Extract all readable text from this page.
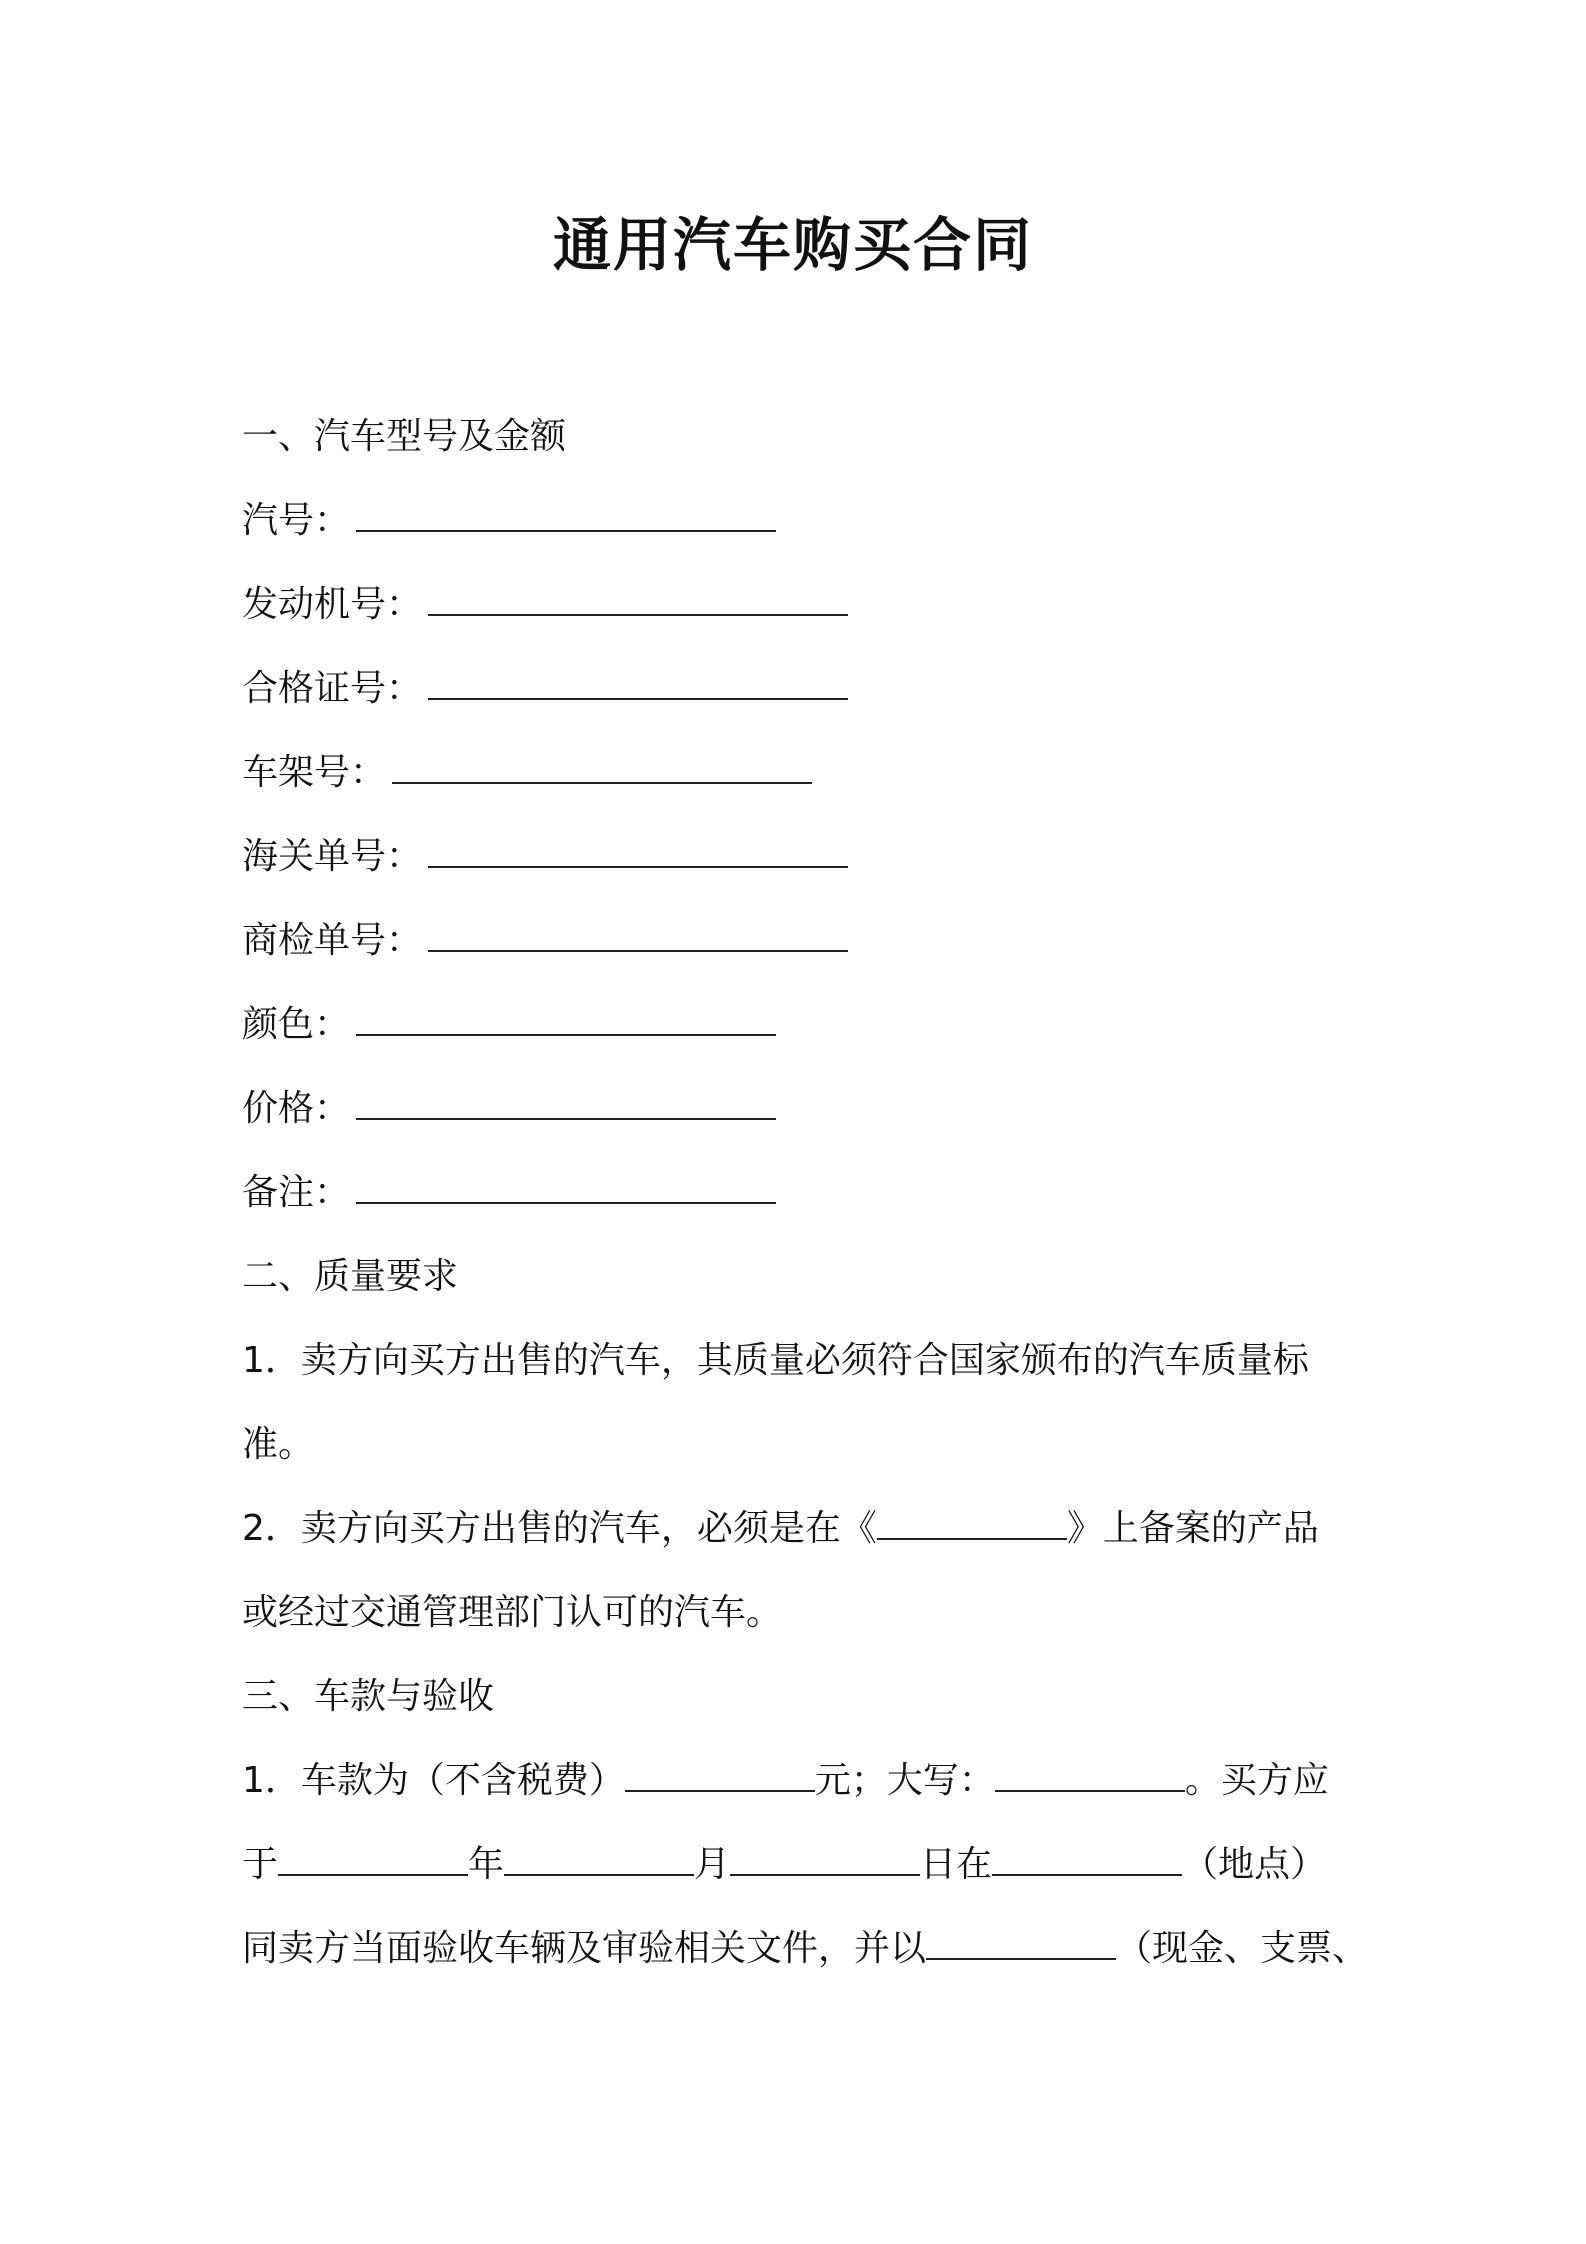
通用汽车购买合同
一、汽车型号及金额
汽号：
发动机号：
合格证号：
车架号：
海关单号：
商检单号：
颜色：
价格：
备注：
二、质量要求
1．卖方向买方出售的汽车，其质量必须符合国家颁布的汽车质量标
准。
2．卖方向买方出售的汽车，必须是在《	》上备案的产品
或经过交通管理部门认可的汽车。
三、车款与验收
1．车款为（不含税费）	元；大写：	。买方应
于	年	月	日在	（地点）
同卖方当面验收车辆及审验相关文件，并以	（现金、支票、
